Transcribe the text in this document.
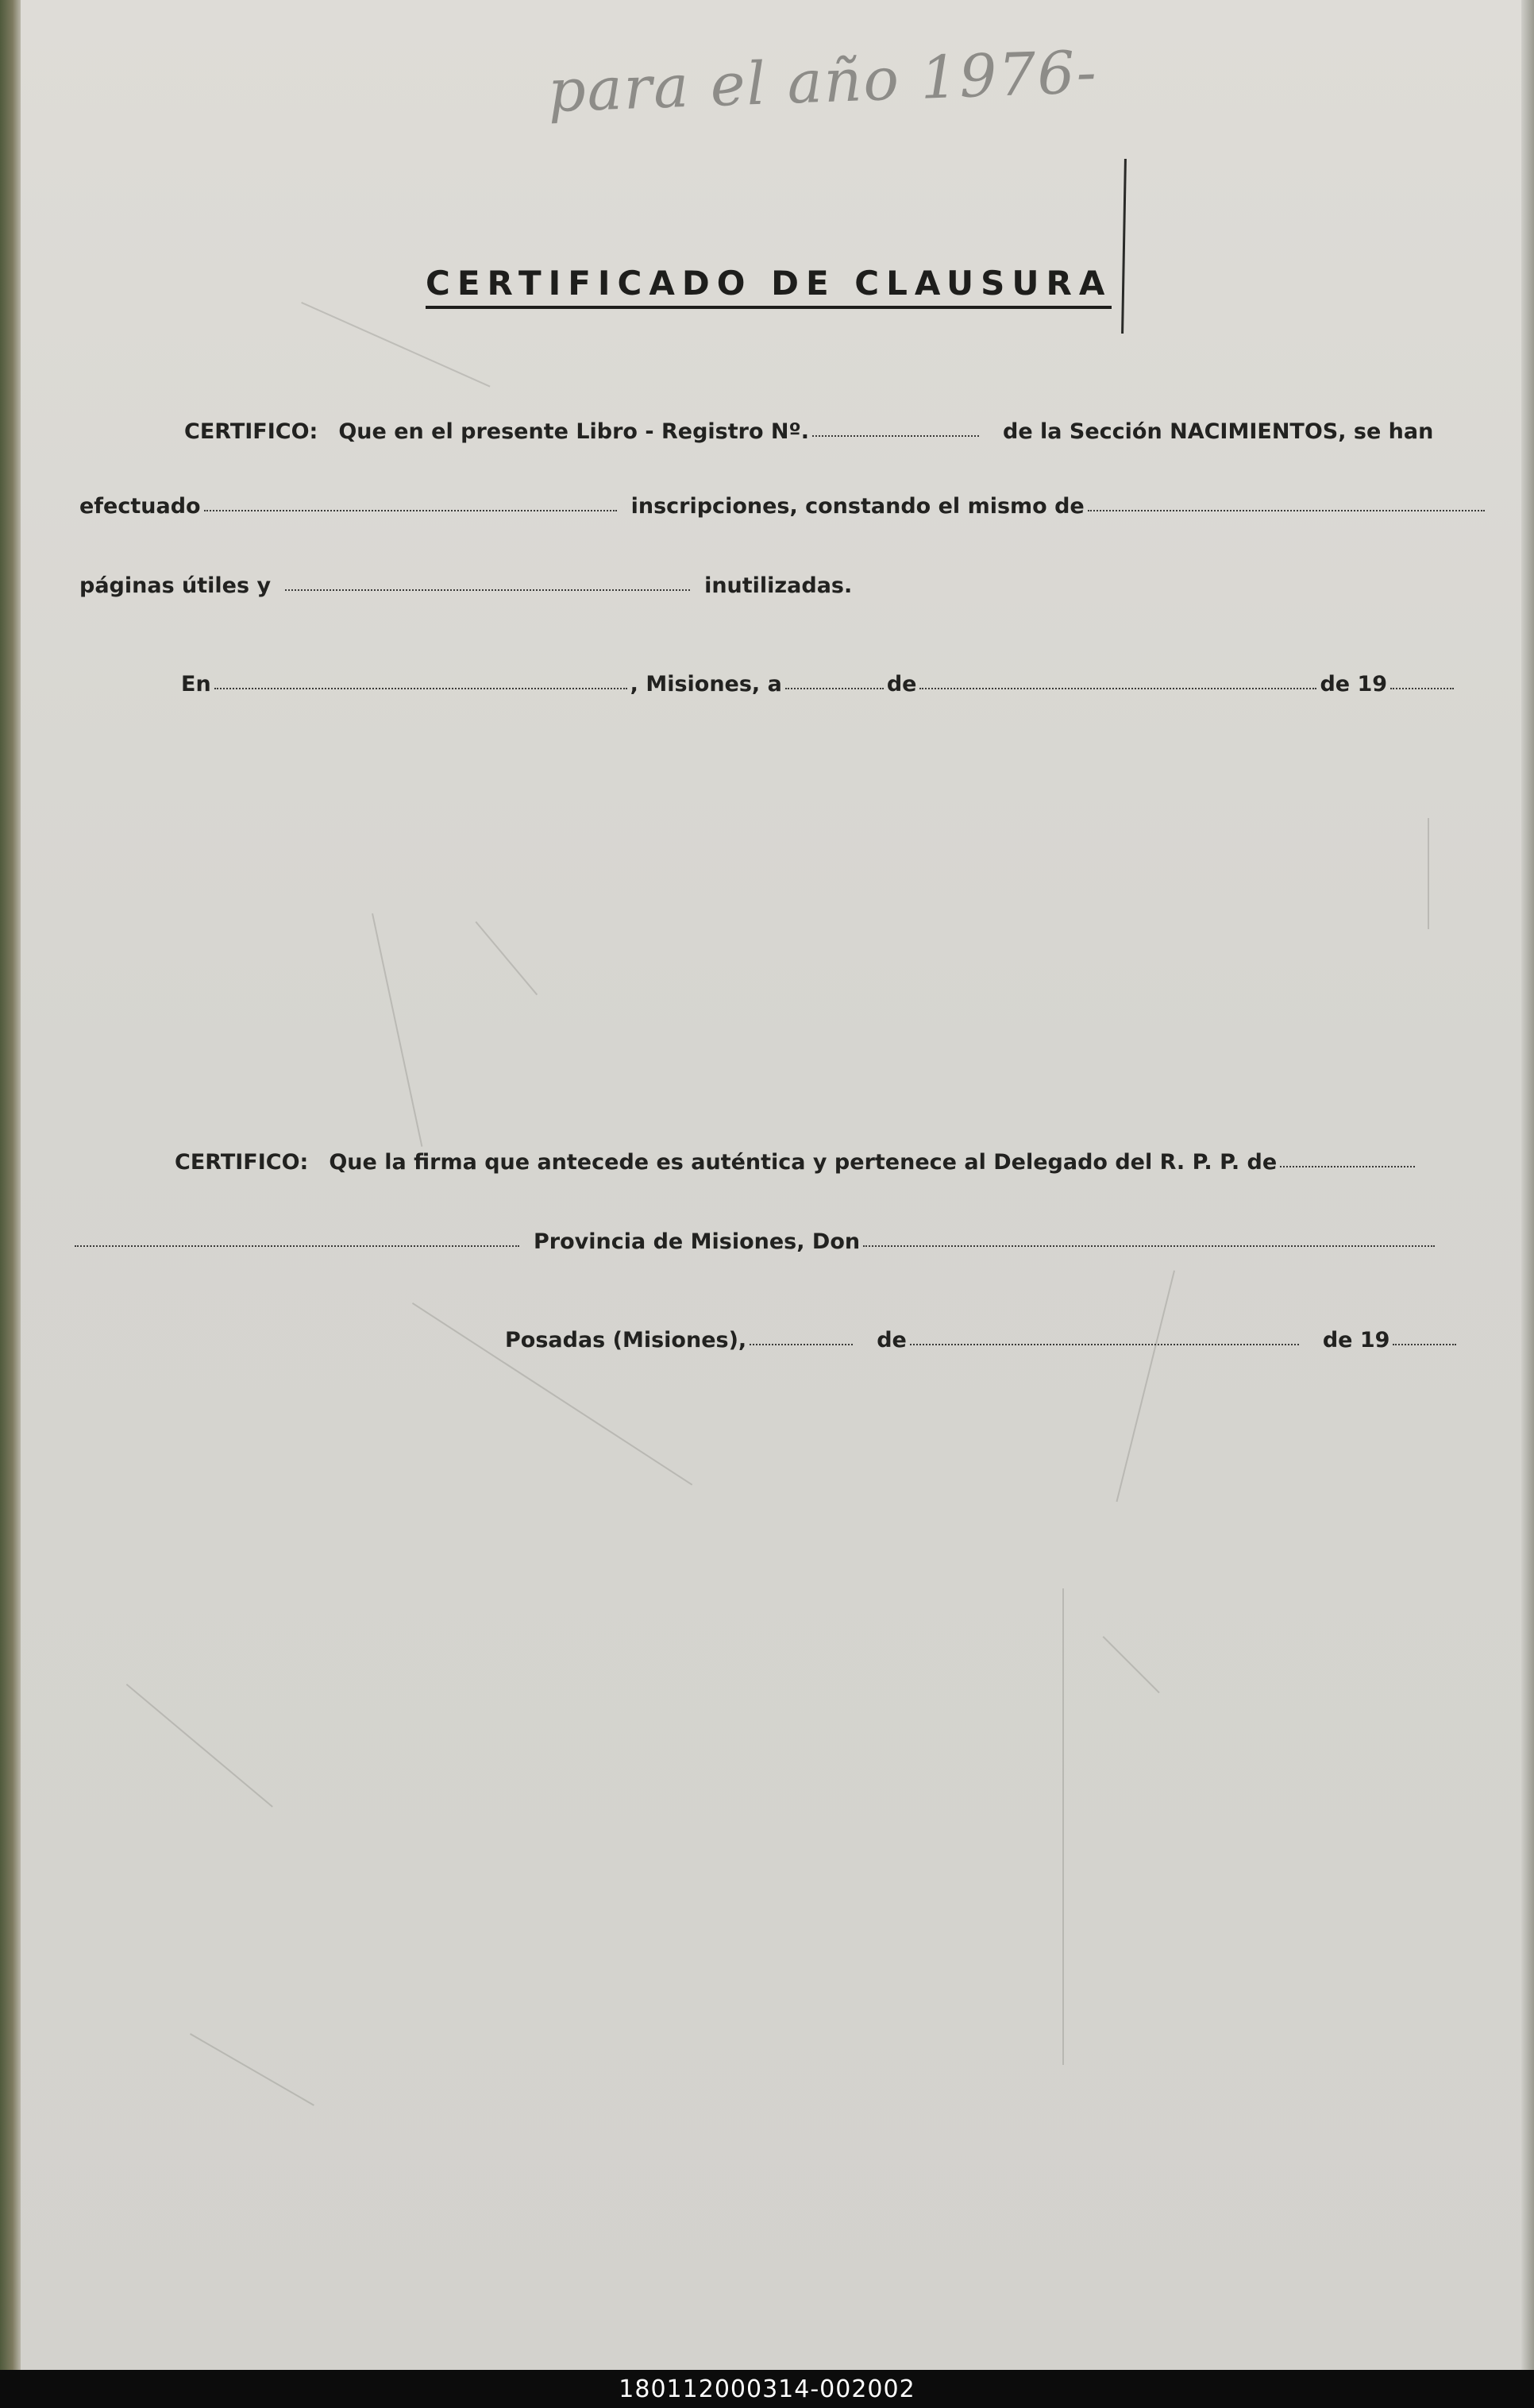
para el año 1976-
CERTIFICADO DE CLAUSURA
CERTIFICO: Que en el presente Libro - Registro Nº.	de la Sección NACIMIENTOS, se han
efectuado	inscripciones, constando el mismo de
páginas útiles y	inutilizadas.
En	, Misiones, a	de	de 19
CERTIFICO: Que la firma que antecede es auténtica y pertenece al Delegado del R. P. P. de
Provincia de Misiones, Don
Posadas (Misiones),	de	de 19
180112000314-002002
